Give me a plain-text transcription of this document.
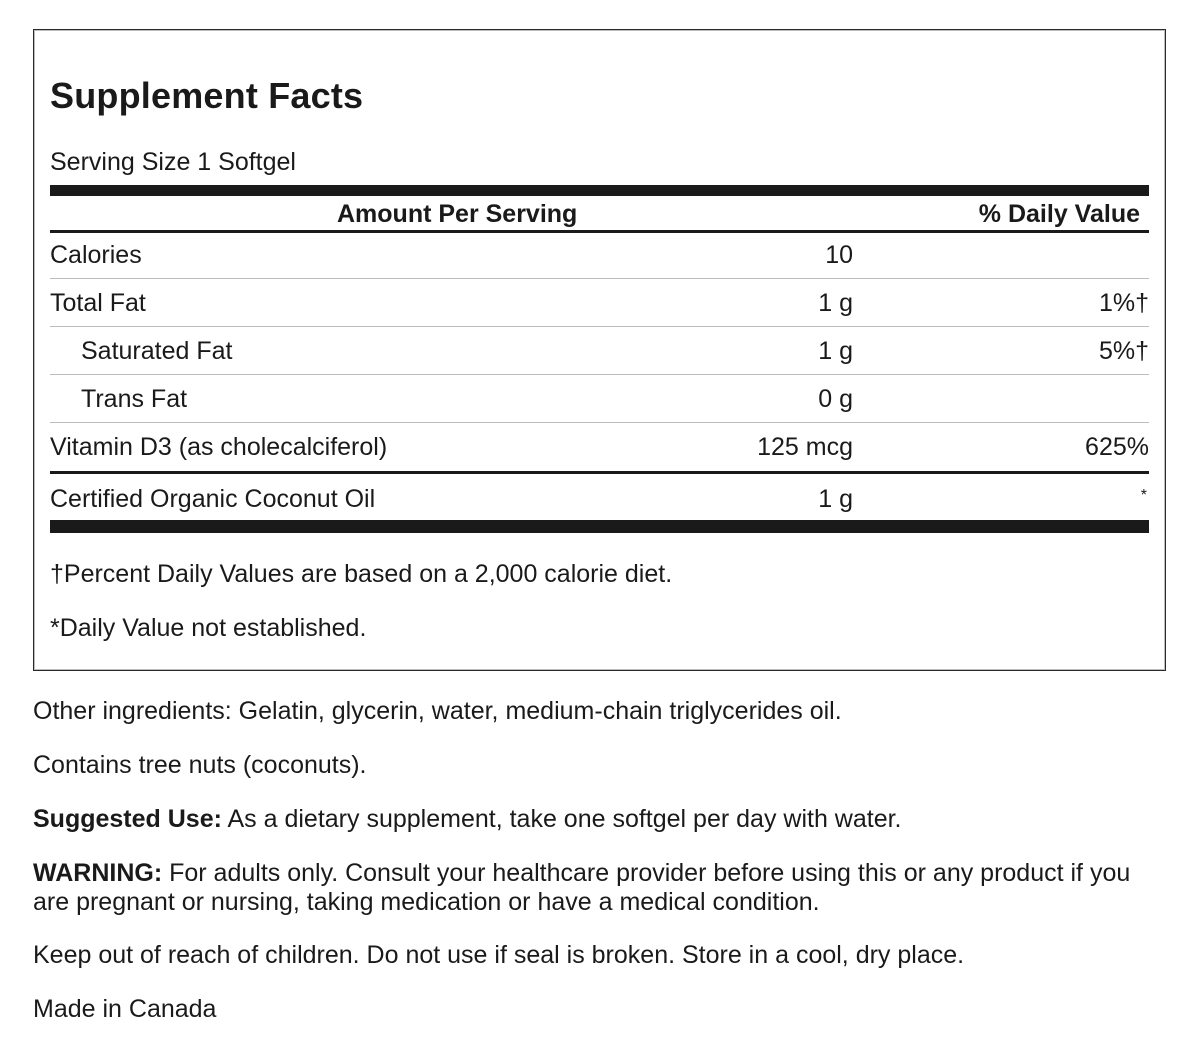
Supplement Facts
Serving Size 1 Softgel
Amount Per Serving	% Daily Value
Calories	10
Total Fat	1 g	1%†
Saturated Fat	1 g	5%†
Trans Fat	0 g
Vitamin D3 (as cholecalciferol)	125 mcg	625%
Certified Organic Coconut Oil	1 g	*
†Percent Daily Values are based on a 2,000 calorie diet.
*Daily Value not established.

Other ingredients: Gelatin, glycerin, water, medium-chain triglycerides oil.

Contains tree nuts (coconuts).

Suggested Use: As a dietary supplement, take one softgel per day with water.

WARNING: For adults only. Consult your healthcare provider before using this or any product if you are pregnant or nursing, taking medication or have a medical condition.

Keep out of reach of children. Do not use if seal is broken. Store in a cool, dry place.

Made in Canada
